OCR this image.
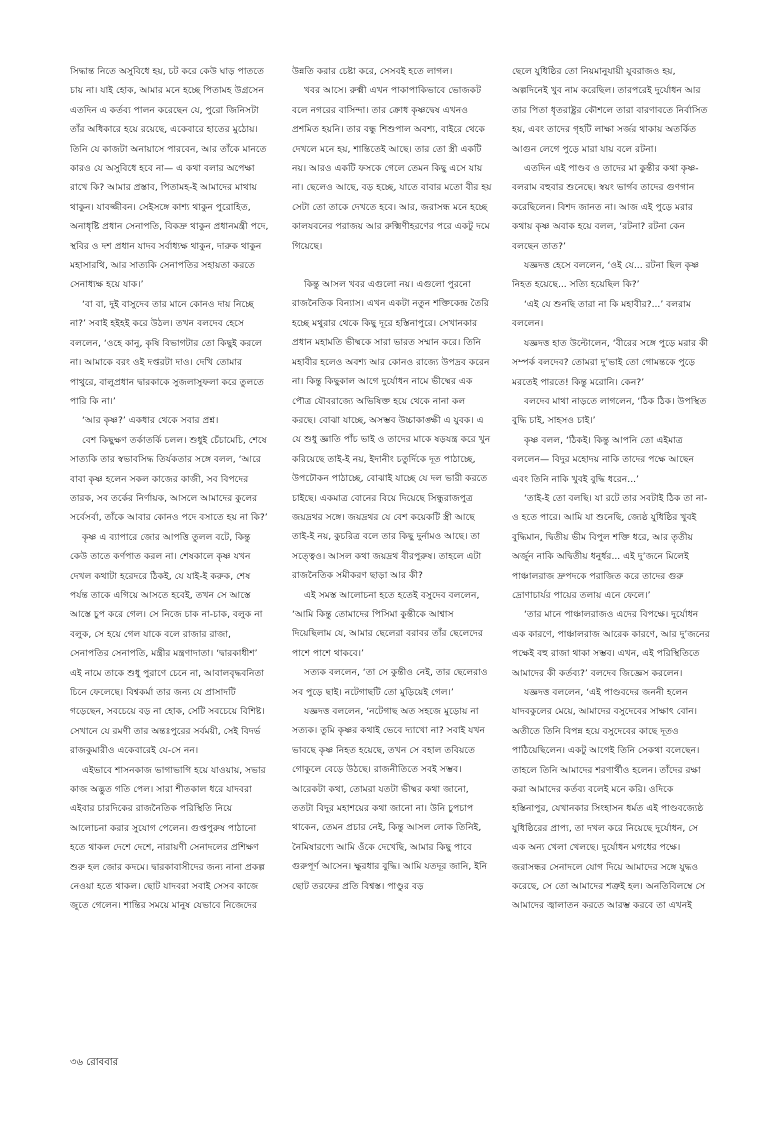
সিদ্ধান্ত নিতে অসুবিধে হয়, চট করে কেউ ঘাড় পাততে চায় না। যাই হোক, আমার মনে হচ্ছে পিতামহ উগ্রসেন এতদিন এ কর্তব্য পালন করেছেন যে, পুরো জিনিসটা তাঁর অধিকারে হয়ে রয়েছে, একেবারে হাতের মুঠোয়। তিনি যে কাজটা অনায়াসে পারবেন, আর তাঁকে মানতে কারও যে অসুবিধে হবে না— এ কথা বলার অপেক্ষা রাখে কি? আমার প্রস্তাব, পিতামহ-ই আমাদের মাথায় থাকুন। যাবজ্জীবন। সেইসঙ্গে কাশ্য থাকুন পুরোহিত, অনাধৃষ্টি প্রধান সেনাপতি, বিকদ্রু থাকুন প্রধানমন্ত্রী পদে, স্থবির ও দশ প্রধান যাদব সর্বাধ্যক্ষ থাকুন, দারুক থাকুন মহাসারথি, আর সাত্যকি সেনাপতির সহায়তা করতে সেনাধ্যক্ষ হয়ে যাক।’

‘বা বা, দুই বাসুদেব তার মানে কোনও দায় নিচ্ছে না?’ সবাই হইহই করে উঠল। তখন বলদেব হেসে বললেন, ‘ওহে কানু, কৃষি বিভাগটার তো কিছুই করলে না। আমাকে বরং ওই দপ্তরটা দাও। দেখি তোমার পাথুরে, বালুপ্রধান দ্বারকাকে সুজলাসুফলা করে তুলতে পারি কি না।’

‘আর কৃষ্ণ?’ একধার থেকে সবার প্রশ্ন।

বেশ কিছুক্ষণ তর্কাতর্কি চলল। শুধুই চেঁচামেচি, শেষে সাত্যকি তার স্বভাবসিদ্ধ তির্যকতার সঙ্গে বলল, ‘আরে বাবা কৃষ্ণ হলেন সকল কাজের কাজী, সব বিপদের তারক, সব তর্কের নির্ণায়ক, আসলে আমাদের কুলের সর্বেসর্বা, তাঁকে আবার কোনও পদে বসাতে হয় না কি?’

কৃষ্ণ এ ব্যাপারে জোর আপত্তি তুলল বটে, কিন্তু কেউ তাতে কর্ণপাত করল না। শেষকালে কৃষ্ণ যখন দেখল কথাটা হরেদরে ঠিকই, যে যাই-ই করুক, শেষ পর্যন্ত তাকে এগিয়ে আসতে হবেই, তখন সে আস্তে আস্তে চুপ করে গেল। সে নিজে চাক না-চাক, বলুক না বলুক, সে হয়ে গেল যাকে বলে রাজার রাজা, সেনাপতির সেনাপতি, মন্ত্রীর মন্ত্রণাদাতা। ‘দ্বারকাধীশ’ এই নামে তাকে শুধু পুরাণে চেনে না, আবালবৃদ্ধবনিতা চিনে ফেলেছে। বিশ্বকর্মা তার জন্য যে প্রাসাদটি গড়েছেন, সবচেয়ে বড় না হোক, সেটি সবচেয়ে বিশিষ্ট। সেখানে যে রমণী তার অন্তঃপুরের সর্বময়ী, সেই বিদর্ভ রাজকুমারীও একেবারেই যে-সে নন।

এইভাবে শাসনকাজ ভাগাভাগি হয়ে যাওয়ায়, সভার কাজ অদ্ভুত গতি পেল। সারা শীতকাল ধরে যাদবরা এইবার চারদিকের রাজনৈতিক পরিস্থিতি নিয়ে আলোচনা করার সুযোগ পেলেন। গুপ্তপুরুষ পাঠানো হতে থাকল দেশে দেশে, নারায়ণী সেনাদলের প্রশিক্ষণ শুরু হল জোর কদমে। দ্বারকাবাসীদের জন্য নানা প্রকল্প নেওয়া হতে থাকল। ছোট যাদবরা সবাই সেসব কাজে জুতে গেলেন। শান্তির সময়ে মানুষ যেভাবে নিজেদের

উন্নতি করার চেষ্টা করে, সেসবই হতে লাগল।

খবর আসে। রুক্মী এখন পাকাপাকিভাবে ভোজকট বলে নগরের বাসিন্দা। তার ক্রোধ কৃষ্ণদ্বেষ এখনও প্রশমিত হয়নি। তার বন্ধু শিশুপাল অবশ্য, বাইরে থেকে দেখলে মনে হয়, শান্তিতেই আছে। তার তো স্ত্রী একটি নয়। আরও একটি ফসকে গেলে তেমন কিছু এসে যায় না। ছেলেও আছে, বড় হচ্ছে, যাতে বাবার মতো বীর হয় সেটা তো তাকে দেখতে হবে। আর, জরাসন্ধ মনে হচ্ছে কালযবনের পরাজয় আর রুক্মিণীহরণের পরে একটু দমে গিয়েছে।

কিন্তু আসল খবর এগুলো নয়। এগুলো পুরনো রাজনৈতিক বিন্যাস। এখন একটা নতুন শক্তিকেন্দ্র তৈরি হচ্ছে মথুরার থেকে কিছু দূরে হস্তিনাপুরে। সেখানকার প্রধান মহামতি ভীষ্মকে সারা ভারত সম্মান করে। তিনি মহাবীর হলেও অবশ্য আর কোনও রাজ্যে উপদ্রব করেন না। কিন্তু কিছুকাল আগে দুর্যোধন নামে ভীষ্মের এক পৌত্র যৌবরাজ্যে অভিষিক্ত হয়ে থেকে নানা কল করছে। বোঝা যাচ্ছে, অসম্ভব উচ্চাকাঙ্ক্ষী এ যুবক। এ যে শুধু জ্ঞাতি পাঁচ ভাই ও তাদের মাকে ষড়যন্ত্র করে খুন করিয়েছে তাই-ই নয়, ইদানীং চতুর্দিকে দূত পাঠাচ্ছে, উপঢৌকন পাঠাচ্ছে, বোঝাই যাচ্ছে যে দল ভারী করতে চাইছে। একমাত্র বোনের বিয়ে দিয়েছে সিন্ধুরাজপুত্র জয়দ্রথর সঙ্গে। জয়দ্রথর যে বেশ কয়েকটি স্ত্রী আছে তাই-ই নয়, কুচরিত্র বলে তার কিছু দুর্নামও আছে। তা সত্ত্বেও। আসল কথা জয়দ্রথ বীরপুরুষ। তাহলে এটা রাজনৈতিক সমীকরণ ছাড়া আর কী?

এই সমস্ত আলোচনা হতে হতেই বসুদেব বললেন, ‘আমি কিন্তু তোমাদের পিসিমা কুন্তীকে আশ্বাস দিয়েছিলাম যে, আমার ছেলেরা বরাবর তাঁর ছেলেদের পাশে পাশে থাকবে।’

সত্যক বললেন, ‘তা সে কুন্তীও নেই, তার ছেলেরাও সব পুড়ে ছাই। নটেগাছটি তো মুড়িয়েই গেল।’

যজ্ঞদত্ত বললেন, ‘নটেগাছ অত সহজে মুড়োয় না সত্যক। তুমি কৃষ্ণর কথাই ভেবে দ্যাখো না? সবাই যখন ভাবছে কৃষ্ণ নিহত হয়েছে, তখন সে বহাল তবিয়তে গোকুলে বেড়ে উঠছে। রাজনীতিতে সবই সম্ভব। আরেকটা কথা, তোমরা যতটা ভীষ্মর কথা জানো, ততটা বিদুর মহাশয়ের কথা জানো না। উনি চুপচাপ থাকেন, তেমন প্রচার নেই, কিন্তু আসল লোক তিনিই, নৈমিষারণ্যে আমি ওঁকে দেখেছি, আমার কিছু পাবে গুরুপূর্ণ আসেন। ক্ষুরধার বুদ্ধি। আমি যতদূর জানি, ইনি ছোট তরফের প্রতি বিশ্বস্ত। পাণ্ডুর বড়

ছেলে যুধিষ্ঠির তো নিয়মানুযায়ী যুবরাজও হয়, অল্পদিনেই খুব নাম করেছিল। তারপরেই দুর্যোধন আর তার পিতা ধৃতরাষ্ট্রর কৌশলে তারা বারণাবতে নির্বাসিত হয়, এবং তাদের গৃহটি লাক্ষা সর্জর থাকায় অতর্কিত আগুন লেগে পুড়ে মারা যায় বলে রটনা।

এতদিন এই পাণ্ডব ও তাদের মা কুন্তীর কথা কৃষ্ণ-বলরাম বহুবার শুনেছে। স্বয়ং ভার্গব তাদের গুণগান করেছিলেন। বিশদ জানত না। আজ এই পুড়ে মরার কথায় কৃষ্ণ অবাক হয়ে বলল, ‘রটনা? রটনা কেন বলছেন তাত?’

যজ্ঞদত্ত হেসে বললেন, ‘ওই যে... রটনা ছিল কৃষ্ণ নিহত হয়েছে... সত্যি হয়েছিল কি?’

‘এই যে শুনছি তারা না কি মহাবীর?...’ বলরাম বললেন।

যজ্ঞদত্ত হাত উল্টোলেন, ‘বীরের সঙ্গে পুড়ে মরার কী সম্পর্ক বলদেব? তোমরা দু’ভাই তো গোমন্তকে পুড়ে মরতেই পারতে! কিন্তু মরোনি। কেন?’

বলদেব মাথা নাড়তে লাগলেন, ‘ঠিক ঠিক। উপস্থিত বুদ্ধি চাই, সাহসও চাই।’

কৃষ্ণ বলল, ‘ঠিকই। কিন্তু আপনি তো এইমাত্র বললেন— বিদুর মহোদয় নাকি তাদের পক্ষে আছেন এবং তিনি নাকি খুবই বুদ্ধি ধরেন...’

‘তাই-ই তো বলছি। যা রটে তার সবটাই ঠিক তা না-ও হতে পারে। আমি যা শুনেছি, জ্যেষ্ঠ যুধিষ্ঠির খুবই বুদ্ধিমান, দ্বিতীয় ভীম বিপুল শক্তি ধরে, আর তৃতীয় অর্জুন নাকি অদ্বিতীয় ধনুর্ধর... এই দু’জনে মিলেই পাঞ্চালরাজ দ্রুপদকে পরাজিত করে তাদের গুরু দ্রোণাচার্যর পায়ের তলায় এনে ফেলে।’

‘তার মানে পাঞ্চালরাজও এদের বিপক্ষে। দুর্যোধন এক কারণে, পাঞ্চালরাজ আরেক কারণে, আর দু’জনের পক্ষেই বহু রাজা থাকা সম্ভব। এখন, এই পরিস্থিতিতে আমাদের কী কর্তব্য?’ বলদেব জিজ্ঞেস করলেন।

যজ্ঞদত্ত বললেন, ‘এই পাণ্ডবদের জননী হলেন যাদবকুলের মেয়ে, আমাদের বসুদেবের সাক্ষাৎ বোন। অতীতে তিনি বিপন্ন হয়ে বসুদেবের কাছে দূতও পাঠিয়েছিলেন। একটু আগেই তিনি সেকথা বলেছেন। তাহলে তিনি আমাদের শরণার্থীও হলেন। তাঁদের রক্ষা করা আমাদের কর্তব্য বলেই মনে করি। ওদিকে হস্তিনাপুর, যেখানকার সিংহাসন ধর্মত এই পাণ্ডবজ্যেষ্ঠ যুধিষ্ঠিরের প্রাপ্য, তা দখল করে নিয়েছে দুর্যোধন, সে এক অন্য খেলা খেলছে। দুর্যোধন মগধের পক্ষে। জরাসন্ধর সেনাদলে যোগ দিয়ে আমাদের সঙ্গে যুদ্ধও করেছে, সে তো আমাদের শত্রুই হল। অনতিবিলম্বে সে আমাদের জ্বালাতন করতে আরম্ভ করবে তা এখনই

৩৬ রোববার
